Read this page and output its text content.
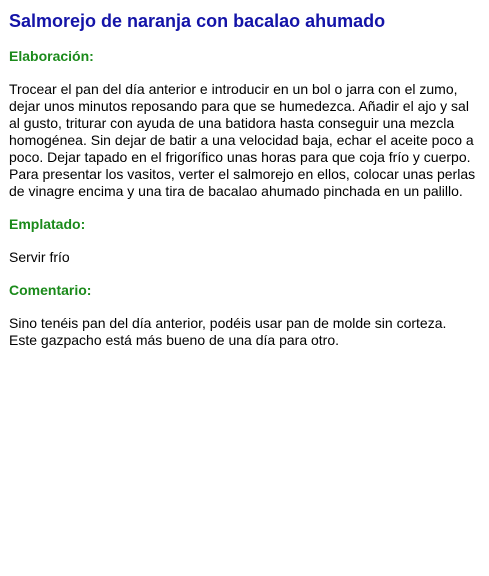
Salmorejo de naranja con bacalao ahumado
Elaboración:
Trocear el pan del día anterior e introducir en un bol o jarra con el zumo, dejar unos minutos reposando para que se humedezca. Añadir el ajo y sal al gusto, triturar con ayuda de una batidora hasta conseguir una mezcla homogénea. Sin dejar de batir a una velocidad baja, echar el aceite poco a poco. Dejar tapado en el frigorífico unas horas para que coja frío y cuerpo. Para presentar los vasitos, verter el salmorejo en ellos, colocar unas perlas de vinagre encima y una tira de bacalao ahumado pinchada en un palillo.
Emplatado:
Servir frío
Comentario:
Sino tenéis pan del día anterior, podéis usar pan de molde sin corteza. Este gazpacho está más bueno de una día para otro.
